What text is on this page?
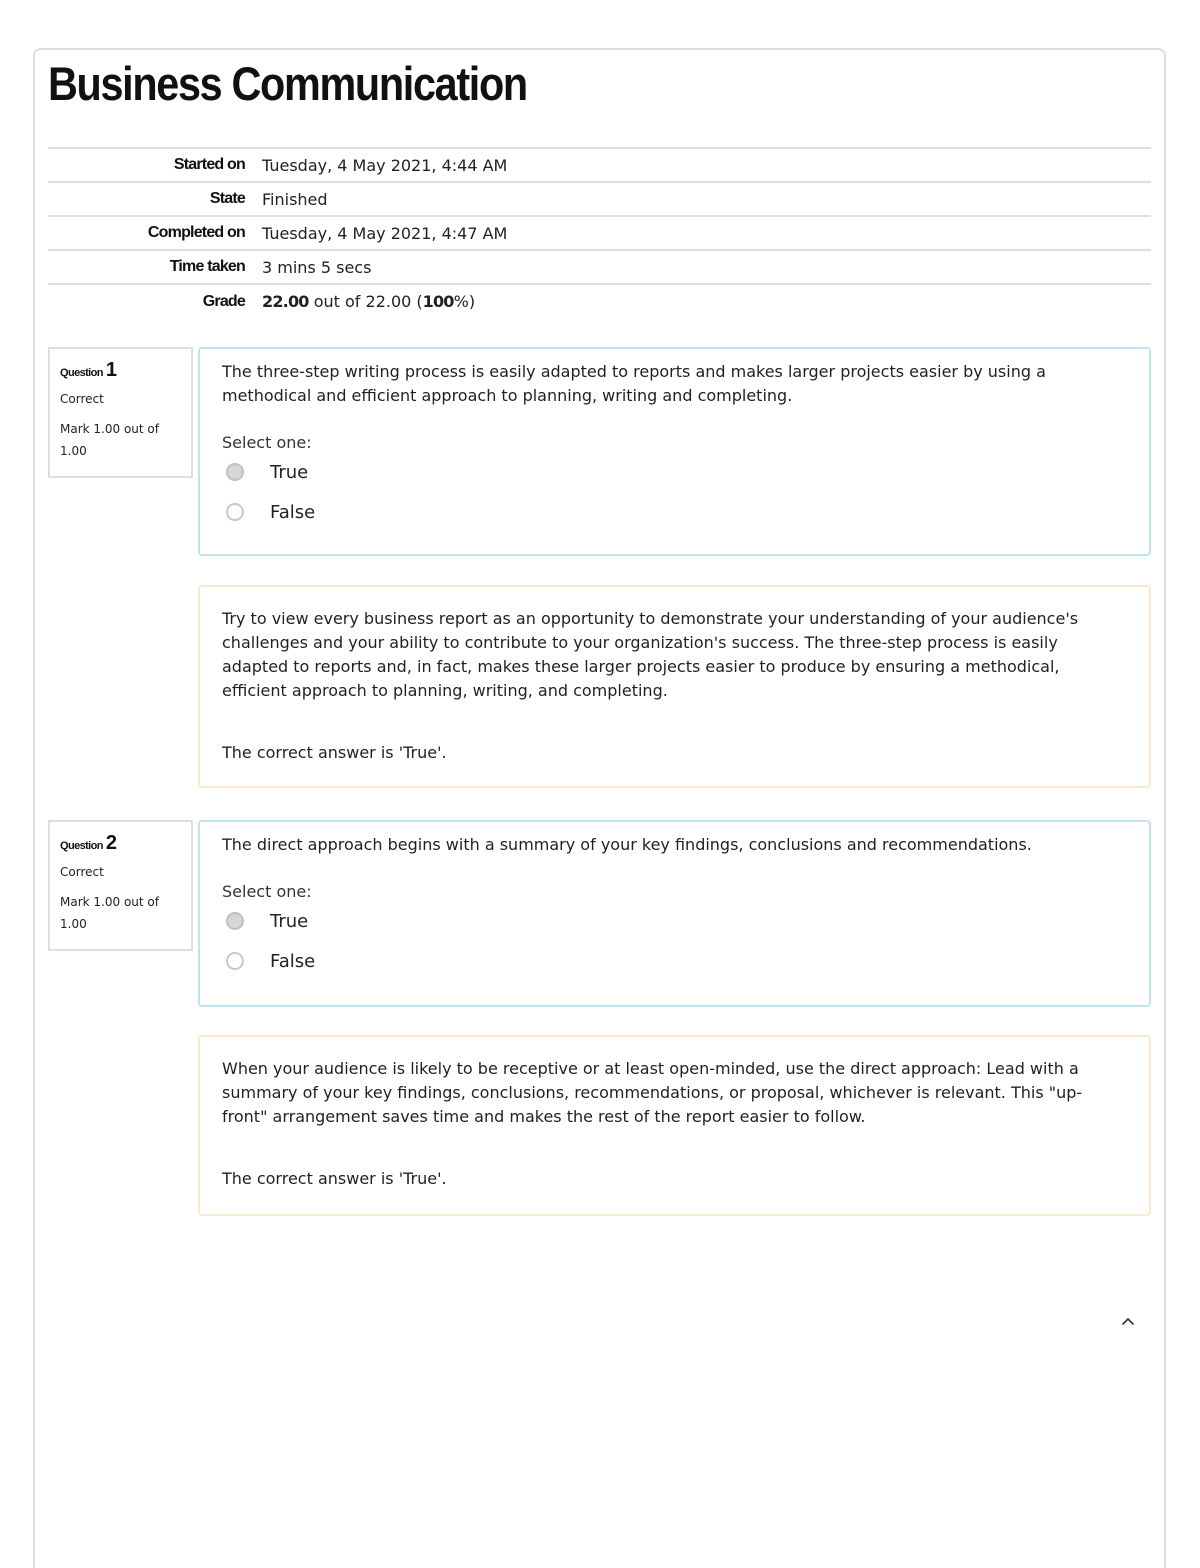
Business Communication
Started on	Tuesday, 4 May 2021, 4:44 AM
State	Finished
Completed on	Tuesday, 4 May 2021, 4:47 AM
Time taken	3 mins 5 secs
Grade	22.00 out of 22.00 (100%)
Question 1
Correct
Mark 1.00 out of 1.00
The three-step writing process is easily adapted to reports and makes larger projects easier by using a methodical and efficient approach to planning, writing and completing.
Select one:
True
False
Try to view every business report as an opportunity to demonstrate your understanding of your audience's challenges and your ability to contribute to your organization's success. The three-step process is easily adapted to reports and, in fact, makes these larger projects easier to produce by ensuring a methodical, efficient approach to planning, writing, and completing.
The correct answer is 'True'.
Question 2
Correct
Mark 1.00 out of 1.00
The direct approach begins with a summary of your key findings, conclusions and recommendations.
Select one:
True
False
When your audience is likely to be receptive or at least open-minded, use the direct approach: Lead with a summary of your key findings, conclusions, recommendations, or proposal, whichever is relevant. This "up-front" arrangement saves time and makes the rest of the report easier to follow.
The correct answer is 'True'.
